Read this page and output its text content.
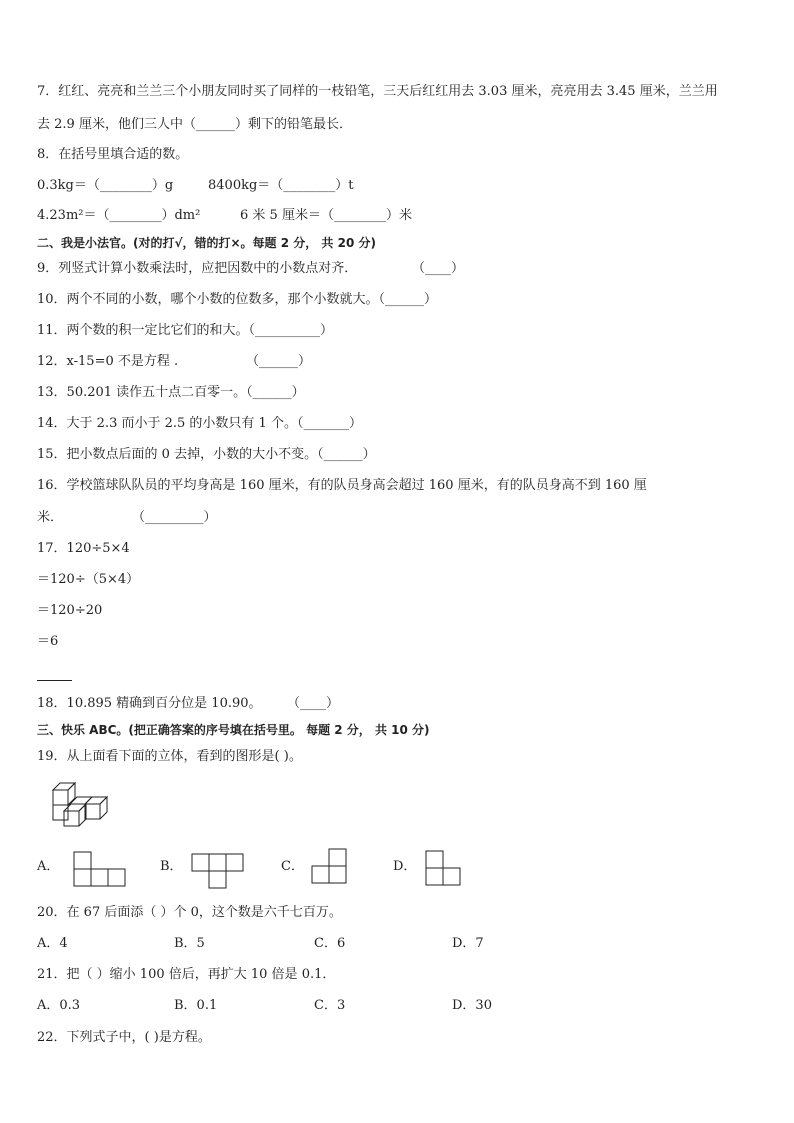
7．红红、亮亮和兰兰三个小朋友同时买了同样的一枝铅笔，三天后红红用去 3.03 厘米，亮亮用去 3.45 厘米，兰兰用
去 2.9 厘米，他们三人中（______）剩下的铅笔最长．
8．在括号里填合适的数。
0.3kg＝（________）g	8400kg＝（________）t
4.23m²＝（________）dm²	6 米 5 厘米＝（________）米
二、我是小法官。(对的打√，错的打×。每题 2 分， 共 20 分)
9．列竖式计算小数乘法时，应把因数中的小数点对齐．	（____）
10．两个不同的小数，哪个小数的位数多，那个小数就大。（______）
11．两个数的积一定比它们的和大。（__________）
12．x-15=0 不是方程 .	（______）
13．50.201 读作五十点二百零一。（______）
14．大于 2.3 而小于 2.5 的小数只有 1 个。（_______）
15．把小数点后面的 0 去掉，小数的大小不变。（______）
16．学校篮球队队员的平均身高是 160 厘米，有的队员身高会超过 160 厘米，有的队员身高不到 160 厘
米．	（_________）
17．120÷5×4
＝120÷（5×4）
＝120÷20
＝6
18．10.895 精确到百分位是 10.90。 （____）
三、快乐 ABC。(把正确答案的序号填在括号里。 每题 2 分， 共 10 分)
19．从上面看下面的立体，看到的图形是( )。
A．	B．	C．	D．
20．在 67 后面添（ ）个 0，这个数是六千七百万。
A．4	B．5	C．6	D．7
21．把（ ）缩小 100 倍后，再扩大 10 倍是 0.1．
A．0.3	B．0.1	C．3	D．30
22．下列式子中，( )是方程。
